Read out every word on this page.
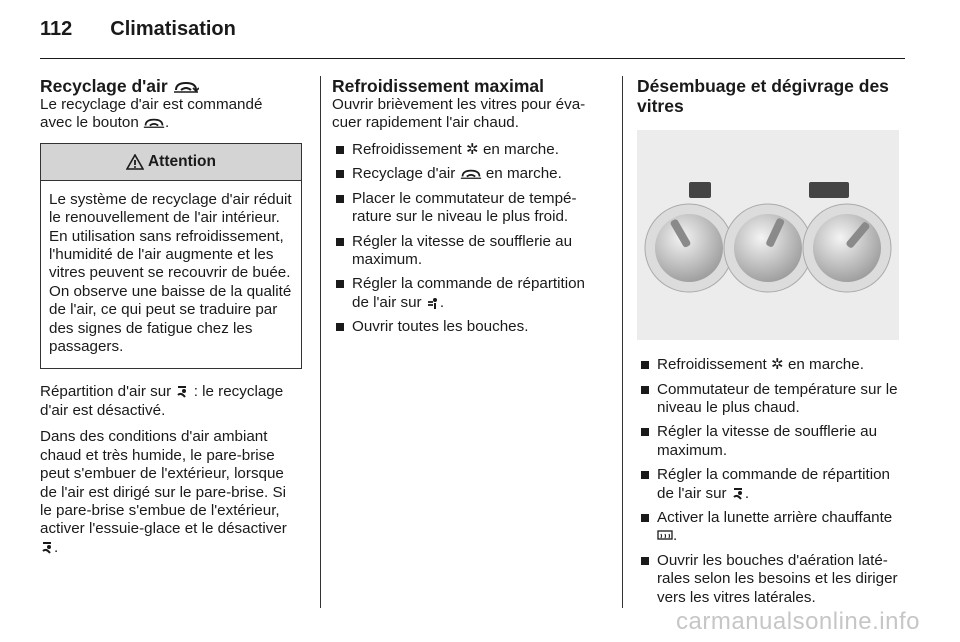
112 Climatisation
Recyclage d'air

Le recyclage d'air est commandé
avec le bouton .

Attention
Le système de recyclage d'air réduit le renouvellement de l'air intérieur. En utilisation sans refroidissement, l'humidité de l'air augmente et les vitres peuvent se recouvrir de buée. On observe une baisse de la qualité de l'air, ce qui peut se traduire par des signes de fatigue chez les passagers.

Répartition d'air sur : le recyclage d'air est désactivé.

Dans des conditions d'air ambiant chaud et très humide, le pare-brise peut s'embuer de l'extérieur, lorsque de l'air est dirigé sur le pare-brise. Si le pare-brise s'embue de l'extérieur, activer l'essuie-glace et le désactiver .

Refroidissement maximal

Ouvrir brièvement les vitres pour évacuer rapidement l'air chaud.

Refroidissement ✲ en marche.
Recyclage d'air en marche.
Placer le commutateur de température sur le niveau le plus froid.
Régler la vitesse de soufflerie au maximum.
Régler la commande de répartition de l'air sur .
Ouvrir toutes les bouches.
Désembuage et dégivrage des vitres
Refroidissement ✲ en marche.
Commutateur de température sur le niveau le plus chaud.
Régler la vitesse de soufflerie au maximum.
Régler la commande de répartition de l'air sur .
Activer la lunette arrière chauffante .
Ouvrir les bouches d'aération latérales selon les besoins et les diriger vers les vitres latérales.
carmanualsonline.info
